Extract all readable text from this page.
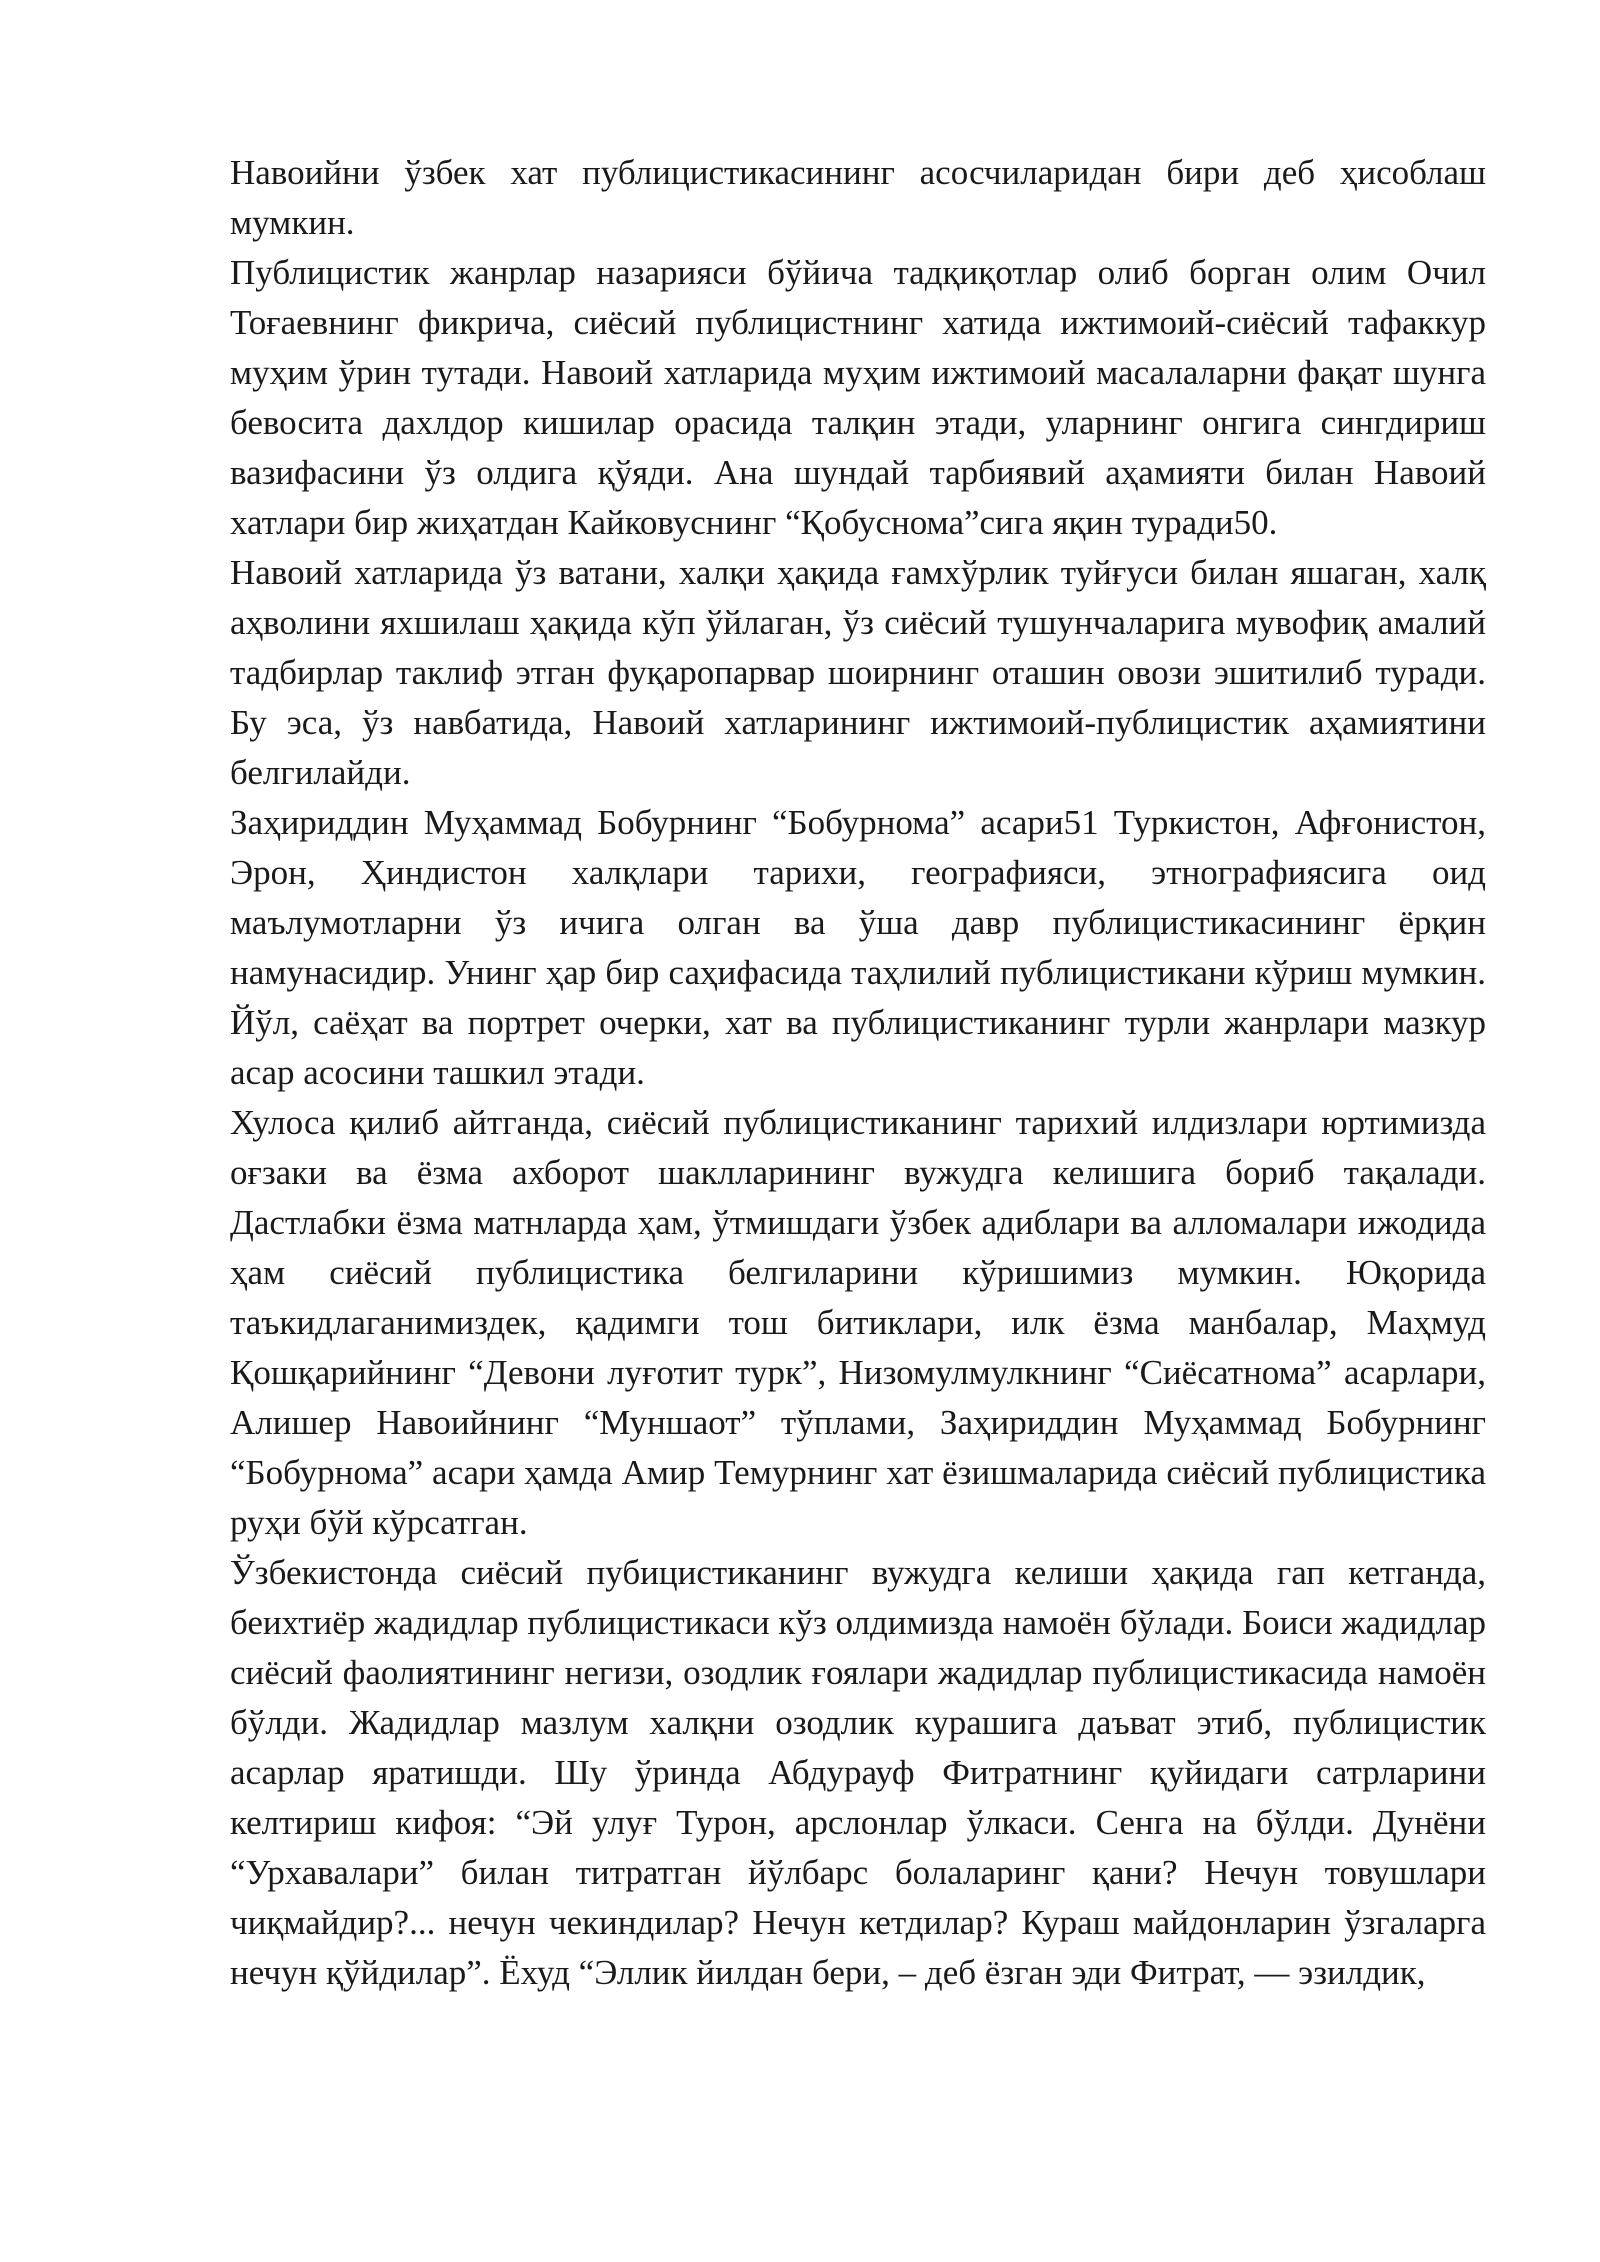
Навоийни ўзбек хат публицистикасининг асосчиларидан бири деб ҳисоблаш мумкин.

Публицистик жанрлар назарияси бўйича тадқиқотлар олиб борган олим Очил Тоғаевнинг фикрича, сиёсий публицистнинг хатида ижтимоий-сиёсий тафаккур муҳим ўрин тутади. Навоий хатларида муҳим ижтимоий масалаларни фақат шунга бевосита дахлдор кишилар орасида талқин этади, уларнинг онгига сингдириш вазифасини ўз олдига қўяди. Ана шундай тарбиявий аҳамияти билан Навоий хатлари бир жиҳатдан Кайковуснинг “Қобуснома”сига яқин туради50.

Навоий хатларида ўз ватани, халқи ҳақида ғамхўрлик туйғуси билан яшаган, халқ аҳволини яхшилаш ҳақида кўп ўйлаган, ўз сиёсий тушунчаларига мувофиқ амалий тадбирлар таклиф этган фуқаропарвар шоирнинг оташин овози эшитилиб туради. Бу эса, ўз навбатида, Навоий хатларининг ижтимоий-публицистик аҳамиятини белгилайди.

Заҳириддин Муҳаммад Бобурнинг “Бобурнома” асари51 Туркистон, Афғонистон, Эрон, Ҳиндистон халқлари тарихи, географияси, этнографиясига оид маълумотларни ўз ичига олган ва ўша давр публицистикасининг ёрқин намунасидир. Унинг ҳар бир саҳифасида таҳлилий публицистикани кўриш мумкин. Йўл, саёҳат ва портрет очерки, хат ва публицистиканинг турли жанрлари мазкур асар асосини ташкил этади.

Хулоса қилиб айтганда, сиёсий публицистиканинг тарихий илдизлари юртимизда оғзаки ва ёзма ахборот шаклларининг вужудга келишига бориб тақалади. Дастлабки ёзма матнларда ҳам, ўтмишдаги ўзбек адиблари ва алломалари ижодида ҳам сиёсий публицистика белгиларини кўришимиз мумкин. Юқорида таъкидлаганимиздек, қадимги тош битиклари, илк ёзма манбалар, Маҳмуд Қошқарийнинг “Девони луғотит турк”, Низомулмулкнинг “Сиёсатнома” асарлари, Алишер Навоийнинг “Муншаот” тўплами, Заҳириддин Муҳаммад Бобурнинг “Бобурнома” асари ҳамда Амир Темурнинг хат ёзишмаларида сиёсий публицистика руҳи бўй кўрсатган.

Ўзбекистонда сиёсий пубицистиканинг вужудга келиши ҳақида гап кетганда, беихтиёр жадидлар публицистикаси кўз олдимизда намоён бўлади. Боиси жадидлар сиёсий фаолиятининг негизи, озодлик ғоялари жадидлар публицистикасида намоён бўлди. Жадидлар мазлум халқни озодлик курашига даъват этиб, публицистик асарлар яратишди. Шу ўринда Абдурауф Фитратнинг қуйидаги сатрларини келтириш кифоя: “Эй улуғ Турон, арслонлар ўлкаси. Сенга на бўлди. Дунёни “Урхавалари” билан титратган йўлбарс болаларинг қани? Нечун товушлари чиқмайдир?... нечун чекиндилар? Нечун кетдилар? Кураш майдонларин ўзгаларга нечун қўйдилар”. Ёхуд “Эллик йилдан бери, – деб ёзган эди Фитрат, — эзилдик,
